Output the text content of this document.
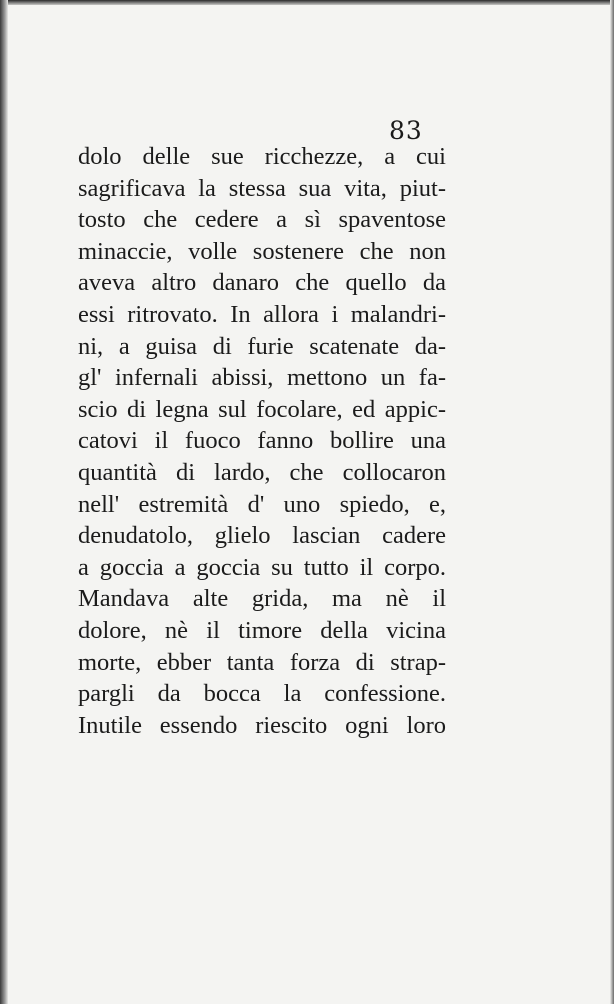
83
dolo delle sue ricchezze, a cui
sagrificava la stessa sua vita, piut-
tosto che cedere a sì spaventose
minaccie, volle sostenere che non
aveva altro danaro che quello da
essi ritrovato. In allora i malandri-
ni, a guisa di furie scatenate da-
gl' infernali abissi, mettono un fa-
scio di legna sul focolare, ed appic-
catovi il fuoco fanno bollire una
quantità di lardo, che collocaron
nell' estremità d' uno spiedo, e,
denudatolo, glielo lascian cadere
a goccia a goccia su tutto il corpo.
Mandava alte grida, ma nè il
dolore, nè il timore della vicina
morte, ebber tanta forza di strap-
pargli da bocca la confessione.
Inutile essendo riescito ogni loro
